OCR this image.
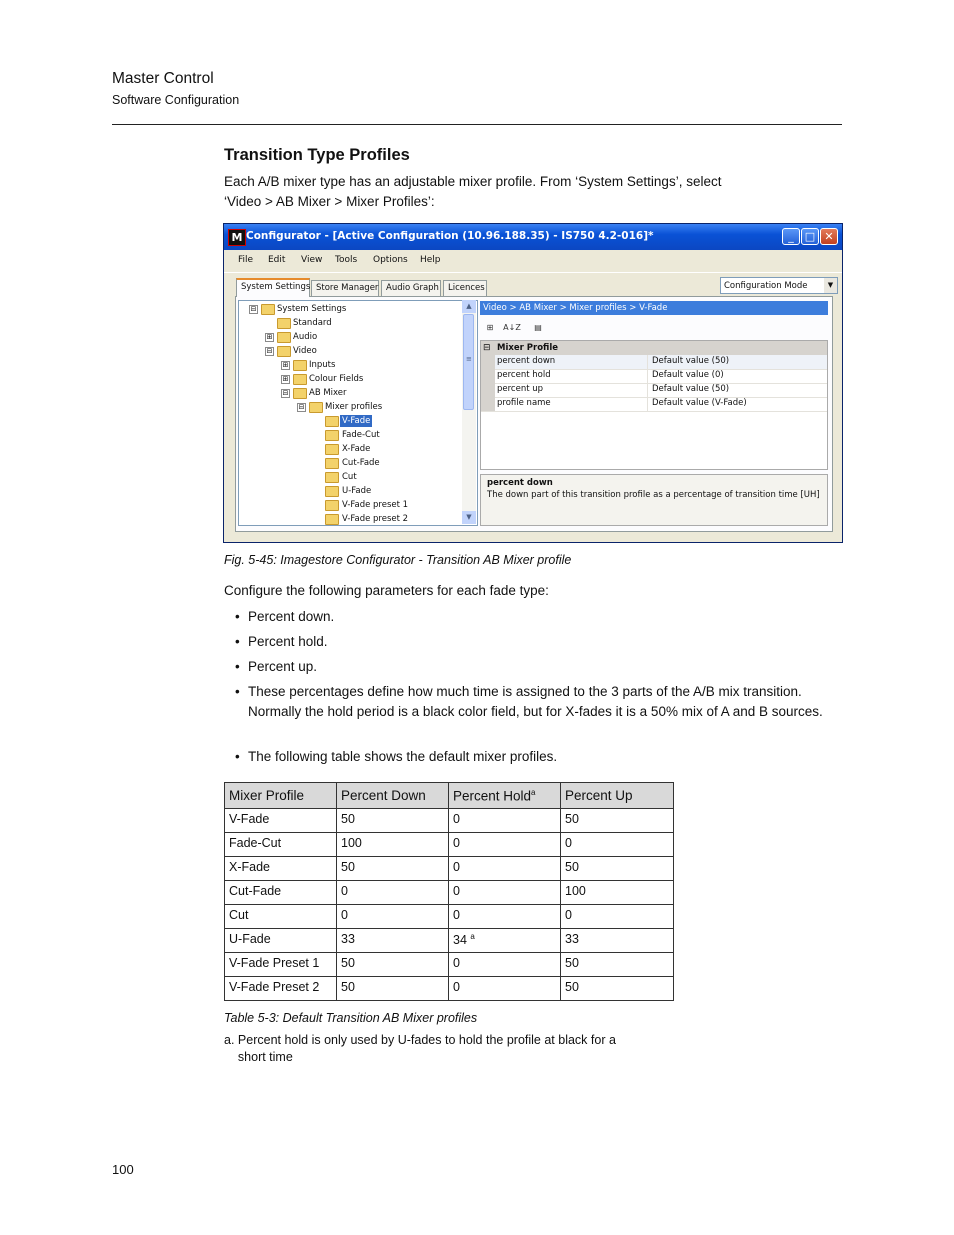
Master Control
Software Configuration
Transition Type Profiles
Each A/B mixer type has an adjustable mixer profile. From ‘System Settings’, select
‘Video > AB Mixer > Mixer Profiles’:
M Configurator - [Active Configuration (10.96.188.35) - IS750 4.2-016]*	_	□ ✕
File Edit View Tools Options Help
Configuration Mode	▼
System Settings Store Manager Audio Graph	Licences
⊟ System Settings
Standard
⊞ Audio
⊟ Video
⊞ Inputs
⊞ Colour Fields
⊟ AB Mixer
⊟ Mixer profiles
V-Fade
Fade-Cut
X-Fade
Cut-Fade
Cut
U-Fade
V-Fade preset 1
V-Fade preset 2
▲
≡
▼
Video > AB Mixer > Mixer profiles > V-Fade
⊞	A↓Z	▤
⊟ Mixer Profile
percent down	Default value (50)
percent hold	Default value (0)
percent up	Default value (50)
profile name	Default value (V-Fade)
percent down
The down part of this transition profile as a percentage of transition time [UH]
Fig. 5-45: Imagestore Configurator - Transition AB Mixer profile
Configure the following parameters for each fade type:
• Percent down.
• Percent hold.
• Percent up.
• These percentages define how much time is assigned to the 3 parts of the A/B mix transition. Normally the hold period is a black color field, but for X-fades it is a 50% mix of A and B sources.
• The following table shows the default mixer profiles.
Mixer Profile	Percent Down	Percent Hold$^a$	Percent Up
V-Fade	50	0	50
Fade-Cut	100	0	0
X-Fade	50	0	50
Cut-Fade	0	0	100
Cut	0	0	0
U-Fade	33	34 $^a$	33
V-Fade Preset 1	50	0	50
V-Fade Preset 2	50	0	50
Table 5-3: Default Transition AB Mixer profiles
a. Percent hold is only used by U-fades to hold the profile at black for a short time
100
